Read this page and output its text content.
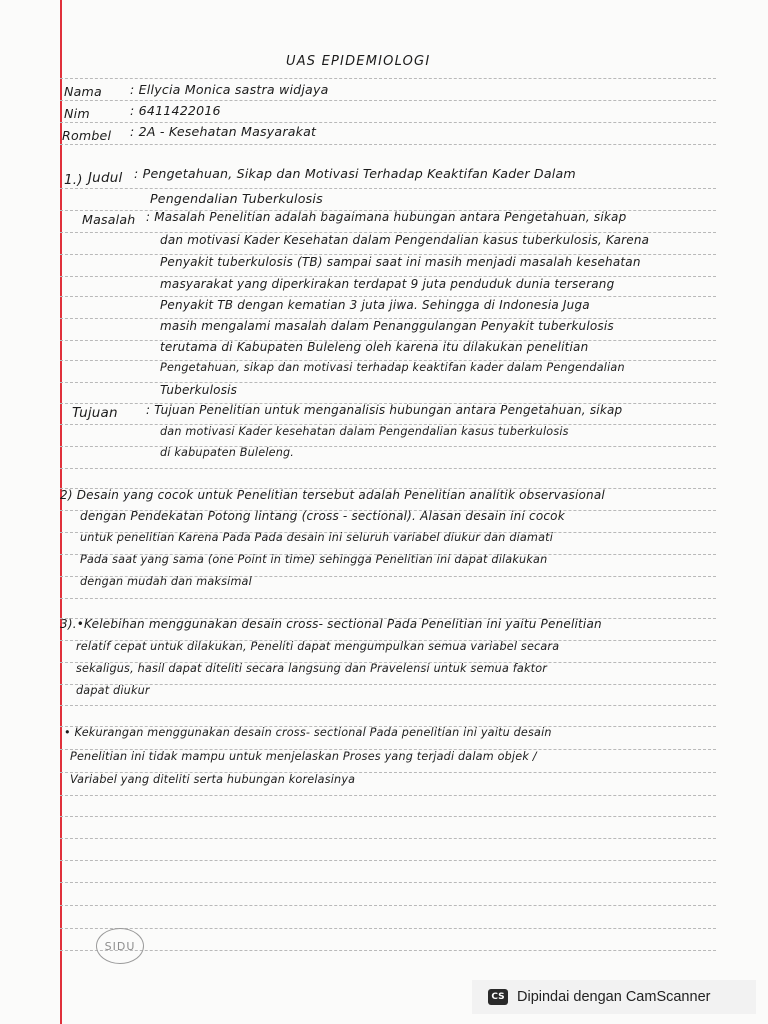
UAS EPIDEMIOLOGI
Nama : Ellycia Monica sastra widjaya
Nim	: 6411422016
Rombel : 2A - Kesehatan Masyarakat
1.) Judul : Pengetahuan, Sikap dan Motivasi Terhadap Keaktifan Kader Dalam
Pengendalian Tuberkulosis
Masalah : Masalah Penelitian adalah bagaimana hubungan antara Pengetahuan, sikap
dan motivasi Kader Kesehatan dalam Pengendalian kasus tuberkulosis, Karena
Penyakit tuberkulosis (TB) sampai saat ini masih menjadi masalah kesehatan
masyarakat yang diperkirakan terdapat 9 juta penduduk dunia terserang
Penyakit TB dengan kematian 3 juta jiwa. Sehingga di Indonesia Juga
masih mengalami masalah dalam Penanggulangan Penyakit tuberkulosis
terutama di Kabupaten Buleleng oleh karena itu dilakukan penelitian
Pengetahuan, sikap dan motivasi terhadap keaktifan kader dalam Pengendalian
Tuberkulosis
Tujuan : Tujuan Penelitian untuk menganalisis hubungan antara Pengetahuan, sikap
dan motivasi Kader kesehatan dalam Pengendalian kasus tuberkulosis
di kabupaten Buleleng.
2) Desain yang cocok untuk Penelitian tersebut adalah Penelitian analitik observasional
dengan Pendekatan Potong lintang (cross - sectional). Alasan desain ini cocok
untuk penelitian Karena Pada Pada desain ini seluruh variabel diukur dan diamati
Pada saat yang sama (one Point in time) sehingga Penelitian ini dapat dilakukan
dengan mudah dan maksimal
3).•Kelebihan menggunakan desain cross- sectional Pada Penelitian ini yaitu Penelitian
relatif cepat untuk dilakukan, Peneliti dapat mengumpulkan semua variabel secara
sekaligus, hasil dapat diteliti secara langsung dan Pravelensi untuk semua faktor
dapat diukur
• Kekurangan menggunakan desain cross- sectional Pada penelitian ini yaitu desain
Penelitian ini tidak mampu untuk menjelaskan Proses yang terjadi dalam objek /
Variabel yang diteliti serta hubungan korelasinya
SIDU
CS Dipindai dengan CamScanner
